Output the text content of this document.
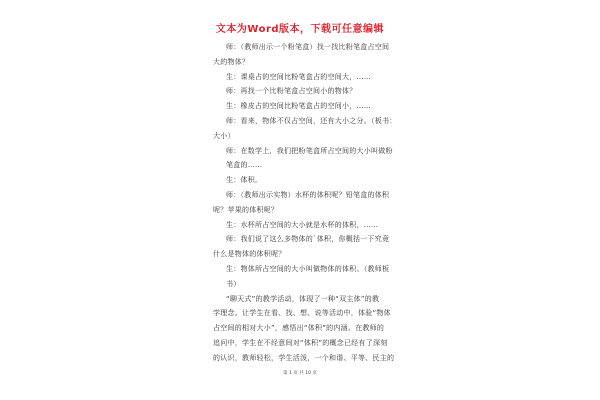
文本为Word版本，下载可任意编辑

师：（教师出示一个粉笔盒）找一找比粉笔盒占空间

大的物体？

生：课桌占的空间比粉笔盒占的空间大，……

师：再找一个比粉笔盒占空间小的物体？

生：橡皮占的空间比粉笔盒占的空间小，……

师：看来，物体不仅占空间，还有大小之分。（板书：

大小）

师：在数学上，我们把粉笔盒所占空间的大小叫做粉

笔盒的……

生：体积。

师：（教师出示实物）水杯的体积呢？铅笔盒的体积

呢？苹果的体积呢？

生：水杯所占空间的大小就是水杯的体积，……

师：我们说了这么多物体的`体积，你概括一下究竟

什么是物体的体积呢？

生：物体所占空间的大小叫做物体的体积。（教师板

书）

“聊天式”的教学活动，体现了一种“双主体”的教

学理念。让学生在看、找、想、说等活动中，体验“物体

占空间的相对大小”，感悟出“体积”的内涵。在教师的

追问中，学生在不经意间对“体积”的概念已经有了深刻

的认识，教师轻松，学生活泼，一个和谐、平等、民主的

第 1 页 共 10 页
